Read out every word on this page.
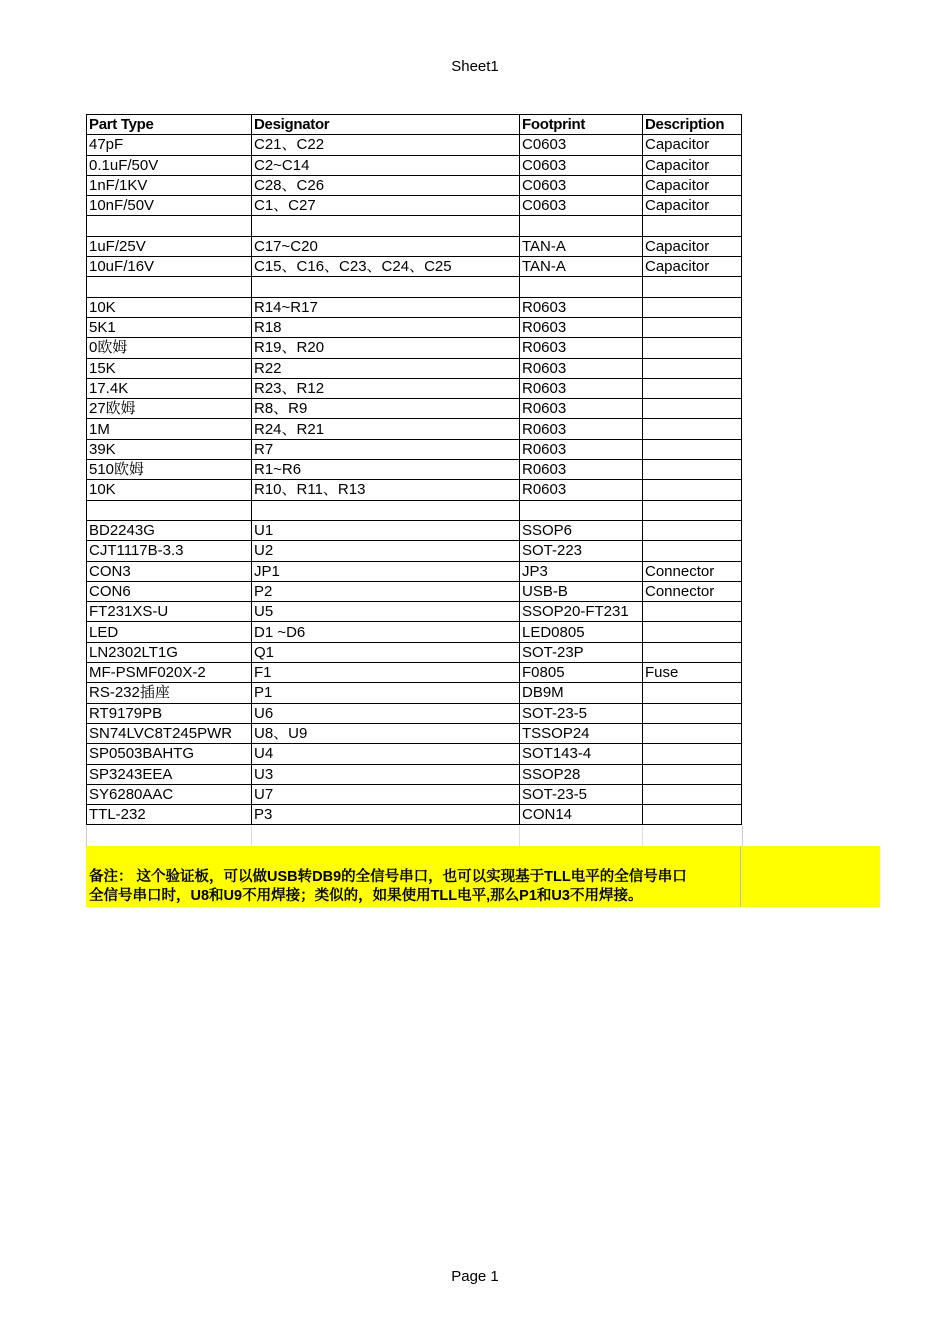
Sheet1
Part Type	Designator	Footprint	Description
47pF	C21、C22	C0603	Capacitor
0.1uF/50V	C2~C14	C0603	Capacitor
1nF/1KV	C28、C26	C0603	Capacitor
10nF/50V	C1、C27	C0603	Capacitor

1uF/25V	C17~C20	TAN-A	Capacitor
10uF/16V	C15、C16、C23、C24、C25	TAN-A	Capacitor

10K	R14~R17	R0603	
5K1	R18	R0603	
0欧姆	R19、R20	R0603	
15K	R22	R0603	
17.4K	R23、R12	R0603	
27欧姆	R8、R9	R0603	
1M	R24、R21	R0603	
39K	R7	R0603	
510欧姆	R1~R6	R0603	
10K	R10、R11、R13	R0603	

BD2243G	U1	SSOP6	
CJT1117B-3.3	U2	SOT-223	
CON3	JP1	JP3	Connector
CON6	P2	USB-B	Connector
FT231XS-U	U5	SSOP20-FT231	
LED	D1 ~D6	LED0805	
LN2302LT1G	Q1	SOT-23P	
MF-PSMF020X-2	F1	F0805	Fuse
RS-232插座	P1	DB9M	
RT9179PB	U6	SOT-23-5	
SN74LVC8T245PWR	U8、U9	TSSOP24	
SP0503BAHTG	U4	SOT143-4	
SP3243EEA	U3	SSOP28	
SY6280AAC	U7	SOT-23-5	
TTL-232	P3	CON14	
备注： 这个验证板，可以做USB转DB9的全信号串口，也可以实现基于TLL电平的全信号串口
全信号串口时，U8和U9不用焊接；类似的，如果使用TLL电平,那么P1和U3不用焊接。
Page 1
